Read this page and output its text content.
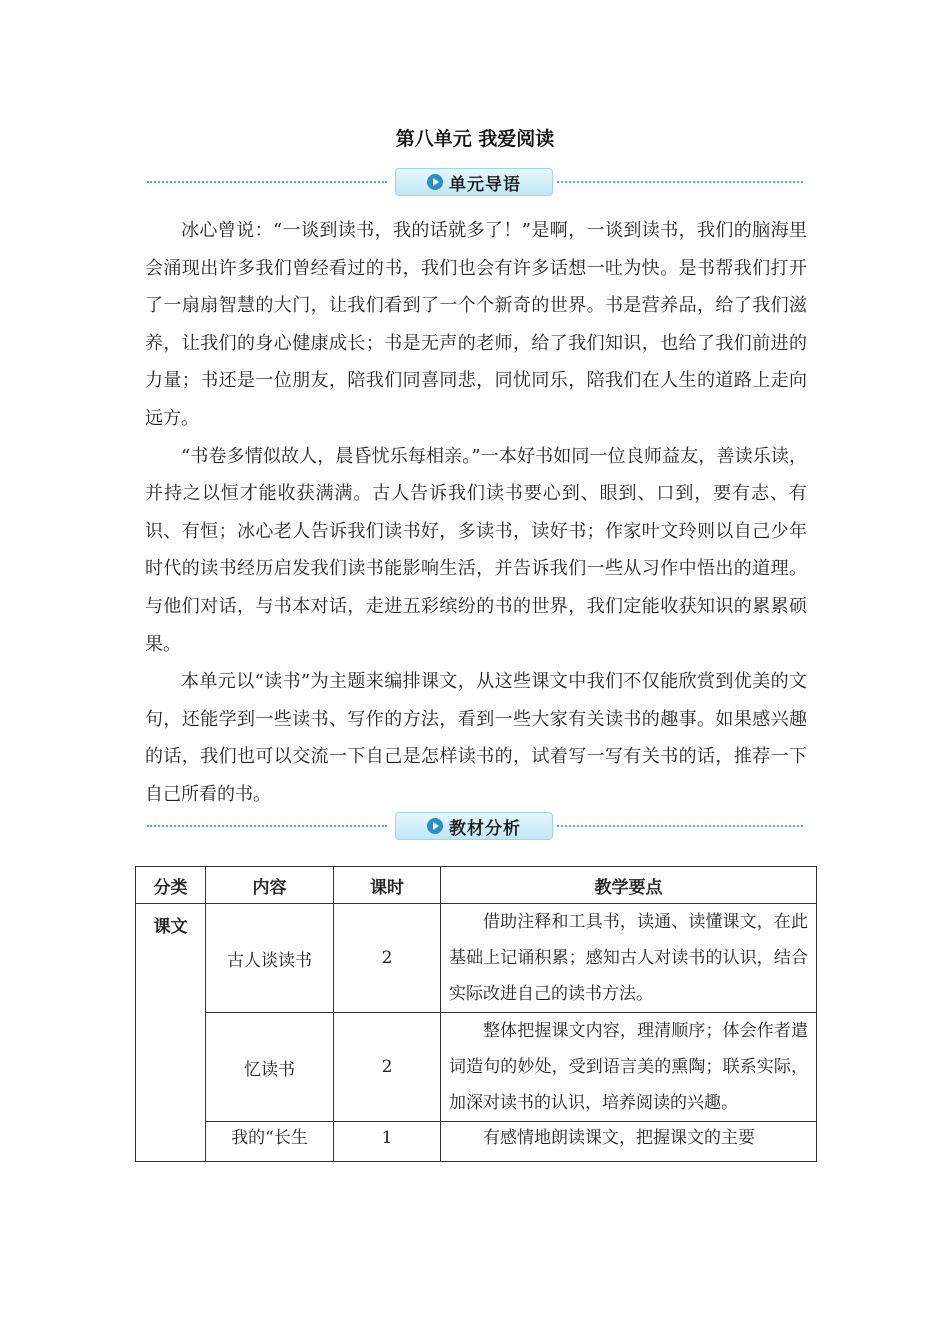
第八单元 我爱阅读
单元导语

冰心曾说：“一谈到读书，我的话就多了！”是啊，一谈到读书，我们的脑海里会涌现出许多我们曾经看过的书，我们也会有许多话想一吐为快。是书帮我们打开了一扇扇智慧的大门，让我们看到了一个个新奇的世界。书是营养品，给了我们滋养，让我们的身心健康成长；书是无声的老师，给了我们知识，也给了我们前进的力量；书还是一位朋友，陪我们同喜同悲，同忧同乐，陪我们在人生的道路上走向远方。

“书卷多情似故人，晨昏忧乐每相亲。”一本好书如同一位良师益友，善读乐读，并持之以恒才能收获满满。古人告诉我们读书要心到、眼到、口到，要有志、有识、有恒；冰心老人告诉我们读书好，多读书，读好书；作家叶文玲则以自己少年时代的读书经历启发我们读书能影响生活，并告诉我们一些从习作中悟出的道理。与他们对话，与书本对话，走进五彩缤纷的书的世界，我们定能收获知识的累累硕果。

本单元以“读书”为主题来编排课文，从这些课文中我们不仅能欣赏到优美的文句，还能学到一些读书、写作的方法，看到一些大家有关读书的趣事。如果感兴趣的话，我们也可以交流一下自己是怎样读书的，试着写一写有关书的话，推荐一下自己所看的书。

教材分析
分类	内容	课时	教学要点
课文	古人谈读书	2	借助注释和工具书，读通、读懂课文，在此基础上记诵积累；感知古人对读书的认识，结合实际改进自己的读书方法。
	忆读书	2	整体把握课文内容，理清顺序；体会作者遣词造句的妙处，受到语言美的熏陶；联系实际，加深对读书的认识，培养阅读的兴趣。
	我的“长生	1	有感情地朗读课文，把握课文的主要
